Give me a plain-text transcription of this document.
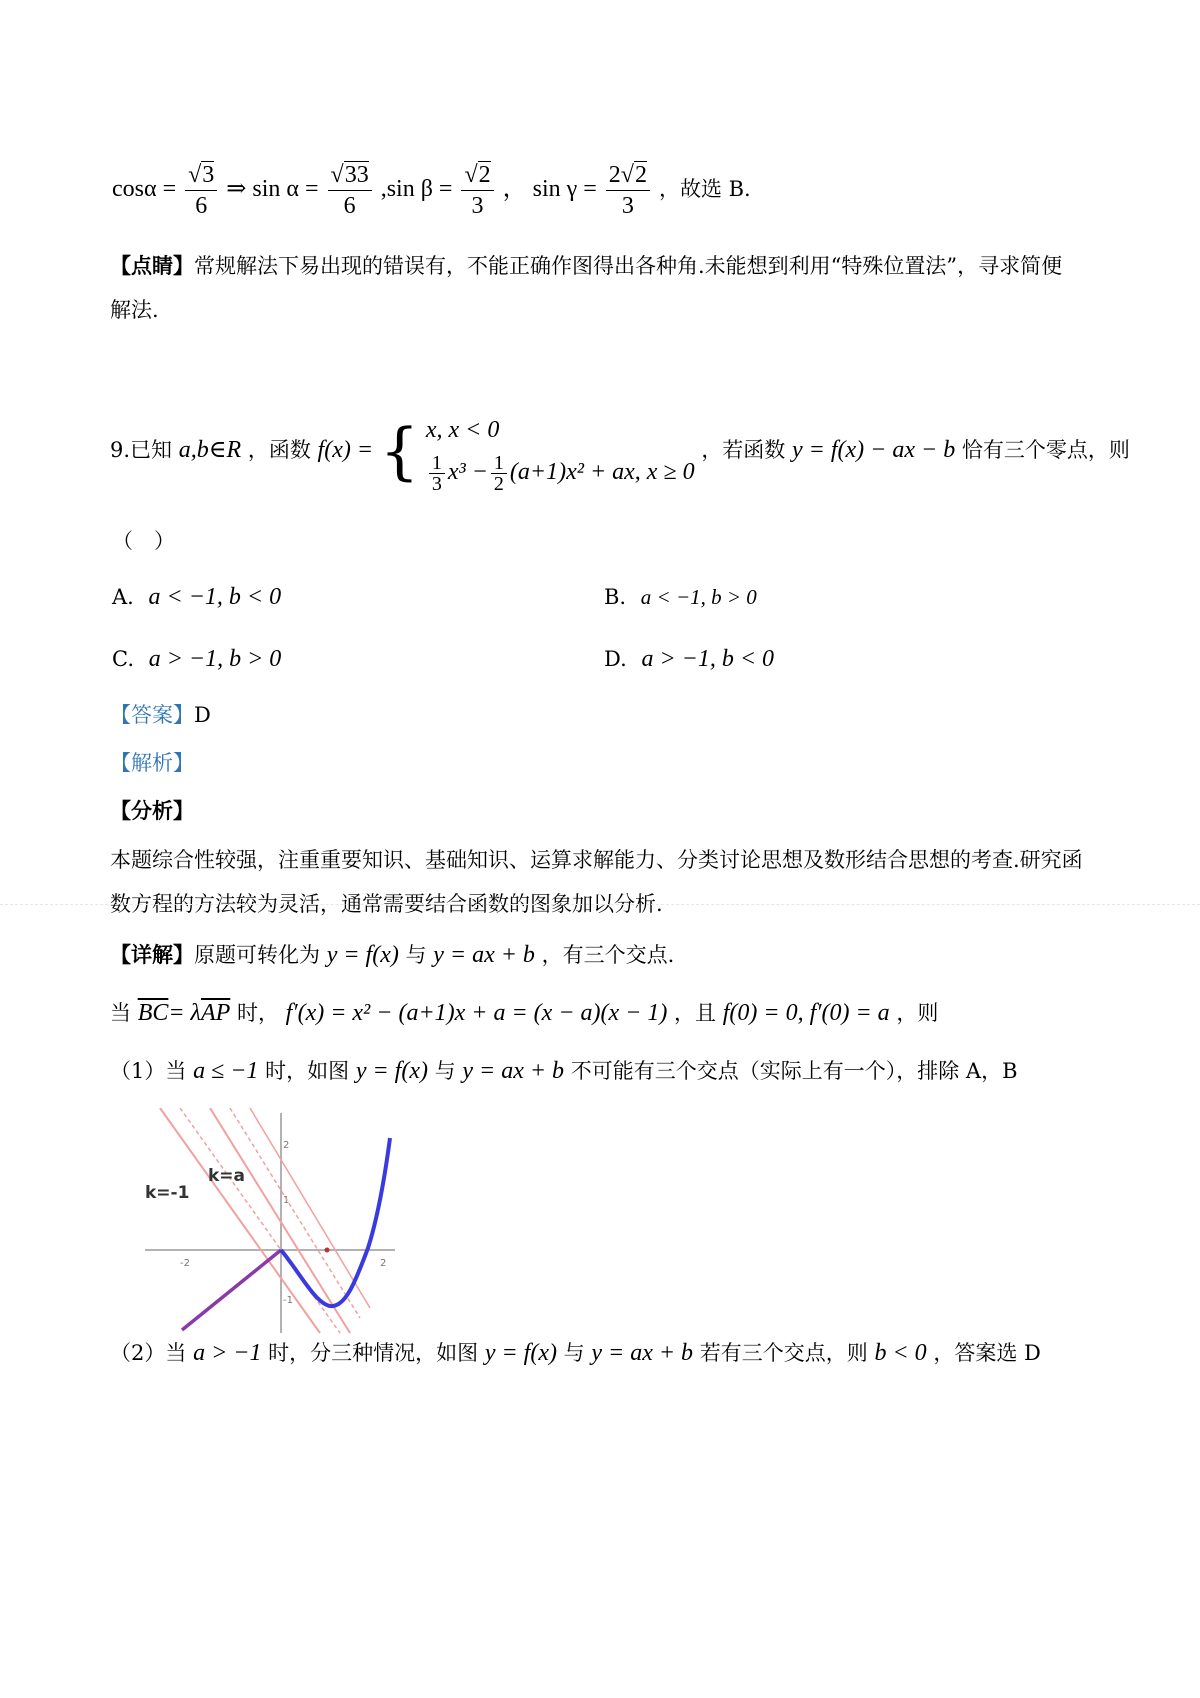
$\cos\alpha = \frac{√3}{6}$ ⇒ $\sin \alpha = \frac{√33}{6} ,\sin$ $\beta = \frac{√2}{3}$ ， $\sin \gamma = \frac{2√2}{3}$ ，故选 B.
【点睛】常规解法下易出现的错误有，不能正确作图得出各种角.未能想到利用“特殊位置法”，寻求简便
解法.
9.已知 a,b∈R ，函数 f(x) = { x, x < 0
$\frac{1}{3} x^3 - \frac{1}{2} (a+1)x^2$ + ax, x ≥ 0
，若函数 y = f(x) − ax − b 恰有三个零点，则
（　）
A. a < −1, b < 0	B. a < −1, b > 0
C. a > −1, b > 0	D. a > −1, b < 0
【答案】D
【解析】
【分析】
本题综合性较强，注重重要知识、基础知识、运算求解能力、分类讨论思想及数形结合思想的考查.研究函
数方程的方法较为灵活，通常需要结合函数的图象加以分析.
【详解】原题可转化为 y = f(x) 与 y = ax + b ，有三个交点.
当 $\overline{BC}= \lambda\overline{AP}$ 时， f′(x) = x² − (a+1)x + a = (x − a)(x − 1) ，且 f(0) = 0, f′(0) = a ，则
（1）当 a ≤ −1 时，如图 y = f(x) 与 y = ax + b 不可能有三个交点（实际上有一个），排除 A，B
-2	2
2
1
-1
k=-1
k=a
（2）当 a > −1 时，分三种情况，如图 y = f(x) 与 y = ax + b 若有三个交点，则 b < 0 ，答案选 D
